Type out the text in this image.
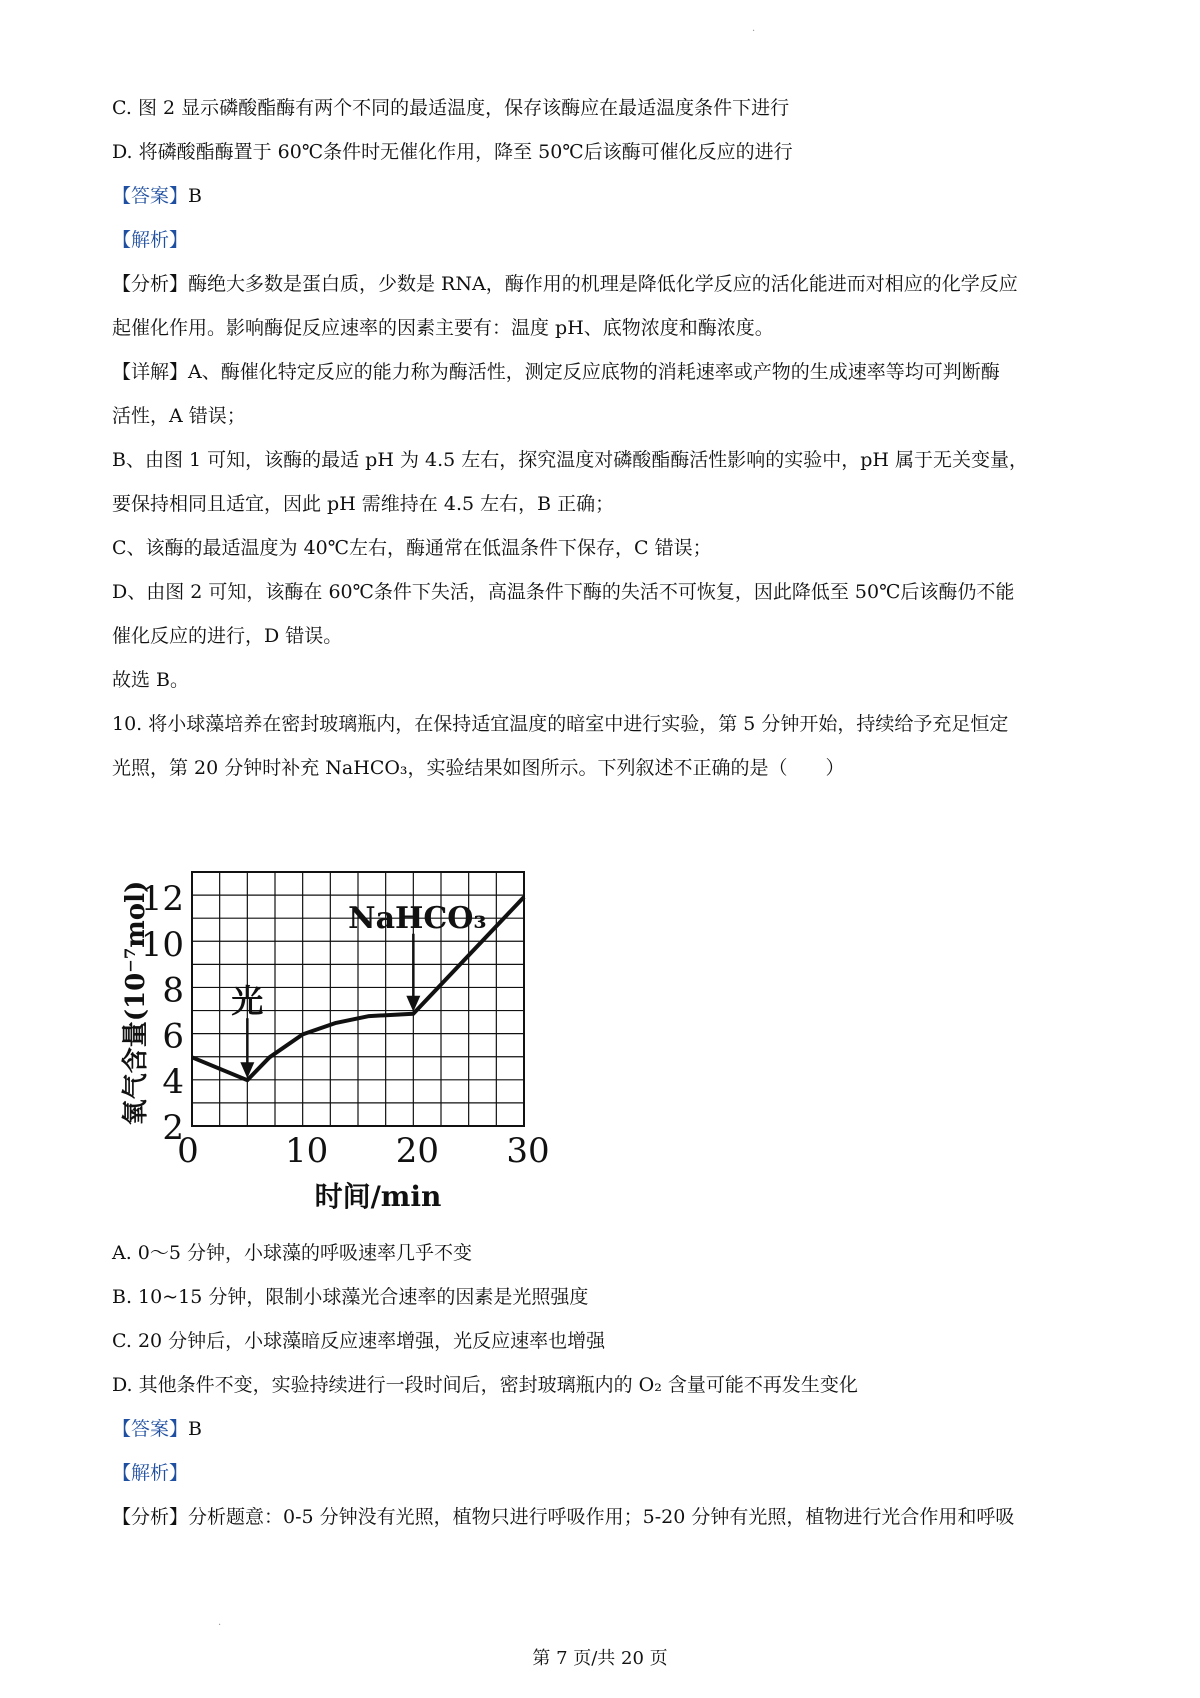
·
·
C. 图 2 显示磷酸酯酶有两个不同的最适温度，保存该酶应在最适温度条件下进行
D. 将磷酸酯酶置于 60℃条件时无催化作用，降至 50℃后该酶可催化反应的进行
【答案】B
【解析】
【分析】酶绝大多数是蛋白质，少数是 RNA，酶作用的机理是降低化学反应的活化能进而对相应的化学反应
起催化作用。影响酶促反应速率的因素主要有：温度 pH、底物浓度和酶浓度。
【详解】A、酶催化特定反应的能力称为酶活性，测定反应底物的消耗速率或产物的生成速率等均可判断酶
活性，A 错误；
B、由图 1 可知，该酶的最适 pH 为 4.5 左右，探究温度对磷酸酯酶活性影响的实验中，pH 属于无关变量，
要保持相同且适宜，因此 pH 需维持在 4.5 左右，B 正确；
C、该酶的最适温度为 40℃左右，酶通常在低温条件下保存，C 错误；
D、由图 2 可知，该酶在 60℃条件下失活，高温条件下酶的失活不可恢复，因此降低至 50℃后该酶仍不能
催化反应的进行，D 错误。
故选 B。
10. 将小球藻培养在密封玻璃瓶内，在保持适宜温度的暗室中进行实验，第 5 分钟开始，持续给予充足恒定
光照，第 20 分钟时补充 NaHCO₃，实验结果如图所示。下列叙述不正确的是（　　）
2
4
6
8
10
12
0	10 20 30
光
NaHCO₃
氧气含量(10⁻⁷mol)
时间/min
A. 0～5 分钟，小球藻的呼吸速率几乎不变
B. 10~15 分钟，限制小球藻光合速率的因素是光照强度
C. 20 分钟后，小球藻暗反应速率增强，光反应速率也增强
D. 其他条件不变，实验持续进行一段时间后，密封玻璃瓶内的 O₂ 含量可能不再发生变化
【答案】B
【解析】
【分析】分析题意：0-5 分钟没有光照，植物只进行呼吸作用；5-20 分钟有光照，植物进行光合作用和呼吸
第 7 页/共 20 页
